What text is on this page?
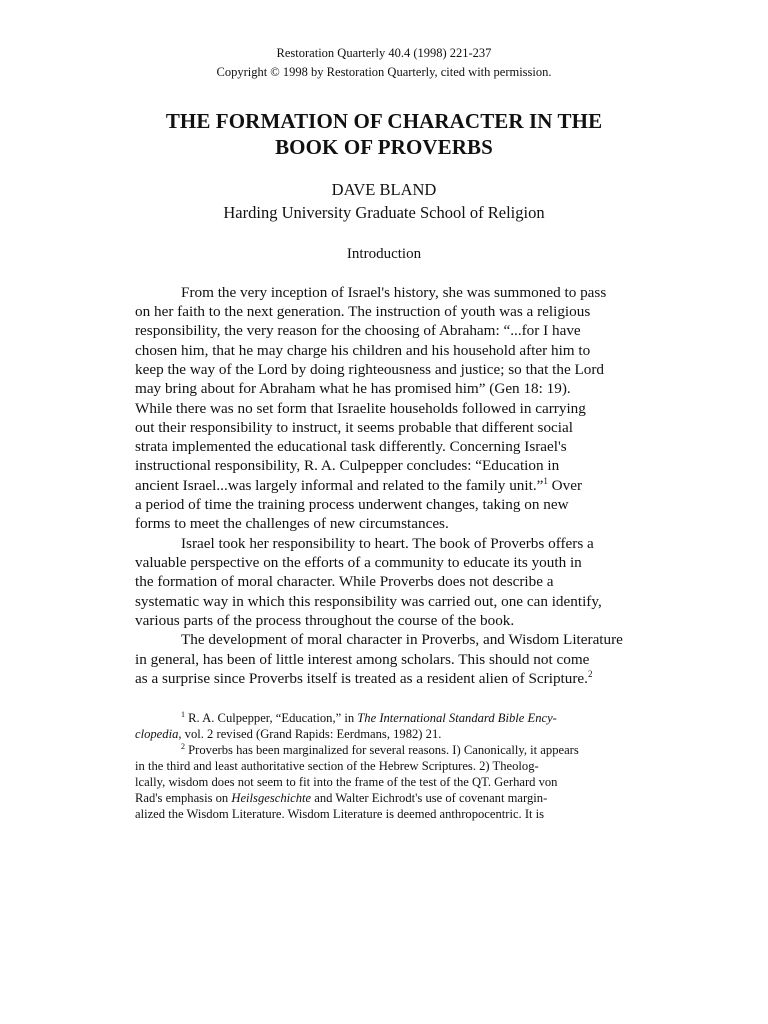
Restoration Quarterly 40.4 (1998) 221-237
Copyright © 1998 by Restoration Quarterly, cited with permission.
THE FORMATION OF CHARACTER IN THE
BOOK OF PROVERBS
DAVE BLAND
Harding University Graduate School of Religion
Introduction
From the very inception of Israel's history, she was summoned to pass
on her faith to the next generation. The instruction of youth was a religious
responsibility, the very reason for the choosing of Abraham: “...for I have
chosen him, that he may charge his children and his household after him to
keep the way of the Lord by doing righteousness and justice; so that the Lord
may bring about for Abraham what he has promised him” (Gen 18: 19).
While there was no set form that Israelite households followed in carrying
out their responsibility to instruct, it seems probable that different social
strata implemented the educational task differently. Concerning Israel's
instructional responsibility, R. A. Culpepper concludes: “Education in
ancient Israel...was largely informal and related to the family unit.”$^1$ Over
a period of time the training process underwent changes, taking on new
forms to meet the challenges of new circumstances.
Israel took her responsibility to heart. The book of Proverbs offers a
valuable perspective on the efforts of a community to educate its youth in
the formation of moral character. While Proverbs does not describe a
systematic way in which this responsibility was carried out, one can identify,
various parts of the process throughout the course of the book.
The development of moral character in Proverbs, and Wisdom Literature
in general, has been of little interest among scholars. This should not come
as a surprise since Proverbs itself is treated as a resident alien of Scripture.$^2$
$^1$ R. A. Culpepper, “Education,” in The International Standard Bible Ency-
clopedia, vol. 2 revised (Grand Rapids: Eerdmans, 1982) 21.
$^2$ Proverbs has been marginalized for several reasons. I) Canonically, it appears
in the third and least authoritative section of the Hebrew Scriptures. 2) Theolog-
lcally, wisdom does not seem to fit into the frame of the test of the QT. Gerhard von
Rad's emphasis on Heilsgeschichte and Walter Eichrodt's use of covenant margin-
alized the Wisdom Literature. Wisdom Literature is deemed anthropocentric. It is
